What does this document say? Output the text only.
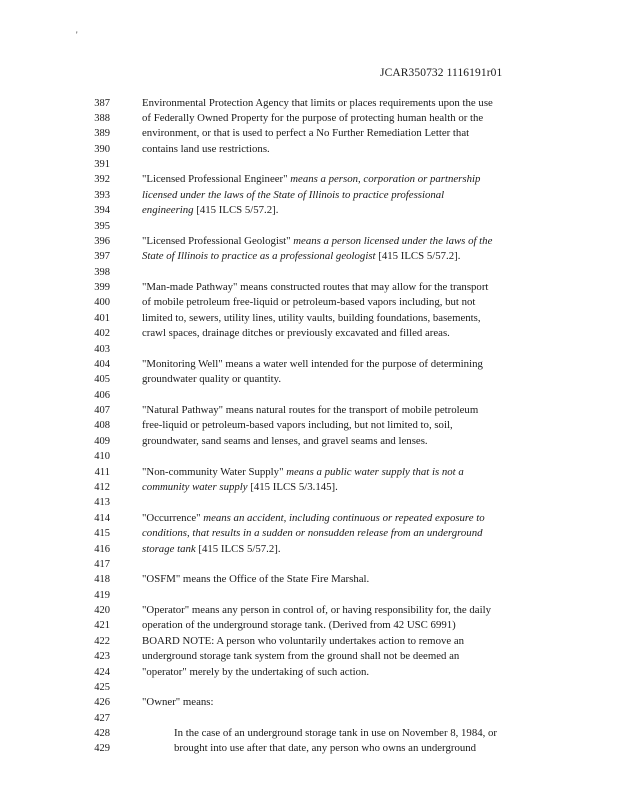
'
JCAR350732 1116191r01
387	Environmental Protection Agency that limits or places requirements upon the use
388	of Federally Owned Property for the purpose of protecting human health or the
389	environment, or that is used to perfect a No Further Remediation Letter that
390	contains land use restrictions.
391
392	"Licensed Professional Engineer" means a person, corporation or partnership
393	licensed under the laws of the State of Illinois to practice professional
394	engineering [415 ILCS 5/57.2].
395
396	"Licensed Professional Geologist" means a person licensed under the laws of the
397	State of Illinois to practice as a professional geologist [415 ILCS 5/57.2].
398
399	"Man-made Pathway" means constructed routes that may allow for the transport
400	of mobile petroleum free-liquid or petroleum-based vapors including, but not
401	limited to, sewers, utility lines, utility vaults, building foundations, basements,
402	crawl spaces, drainage ditches or previously excavated and filled areas.
403
404	"Monitoring Well" means a water well intended for the purpose of determining
405	groundwater quality or quantity.
406
407	"Natural Pathway" means natural routes for the transport of mobile petroleum
408	free-liquid or petroleum-based vapors including, but not limited to, soil,
409	groundwater, sand seams and lenses, and gravel seams and lenses.
410
411	"Non-community Water Supply" means a public water supply that is not a
412	community water supply [415 ILCS 5/3.145].
413
414	"Occurrence" means an accident, including continuous or repeated exposure to
415	conditions, that results in a sudden or nonsudden release from an underground
416	storage tank [415 ILCS 5/57.2].
417
418	"OSFM" means the Office of the State Fire Marshal.
419
420	"Operator" means any person in control of, or having responsibility for, the daily
421	operation of the underground storage tank. (Derived from 42 USC 6991)
422	BOARD NOTE: A person who voluntarily undertakes action to remove an
423	underground storage tank system from the ground shall not be deemed an
424	"operator" merely by the undertaking of such action.
425
426	"Owner" means:
427
428	In the case of an underground storage tank in use on November 8, 1984, or
429	brought into use after that date, any person who owns an underground
